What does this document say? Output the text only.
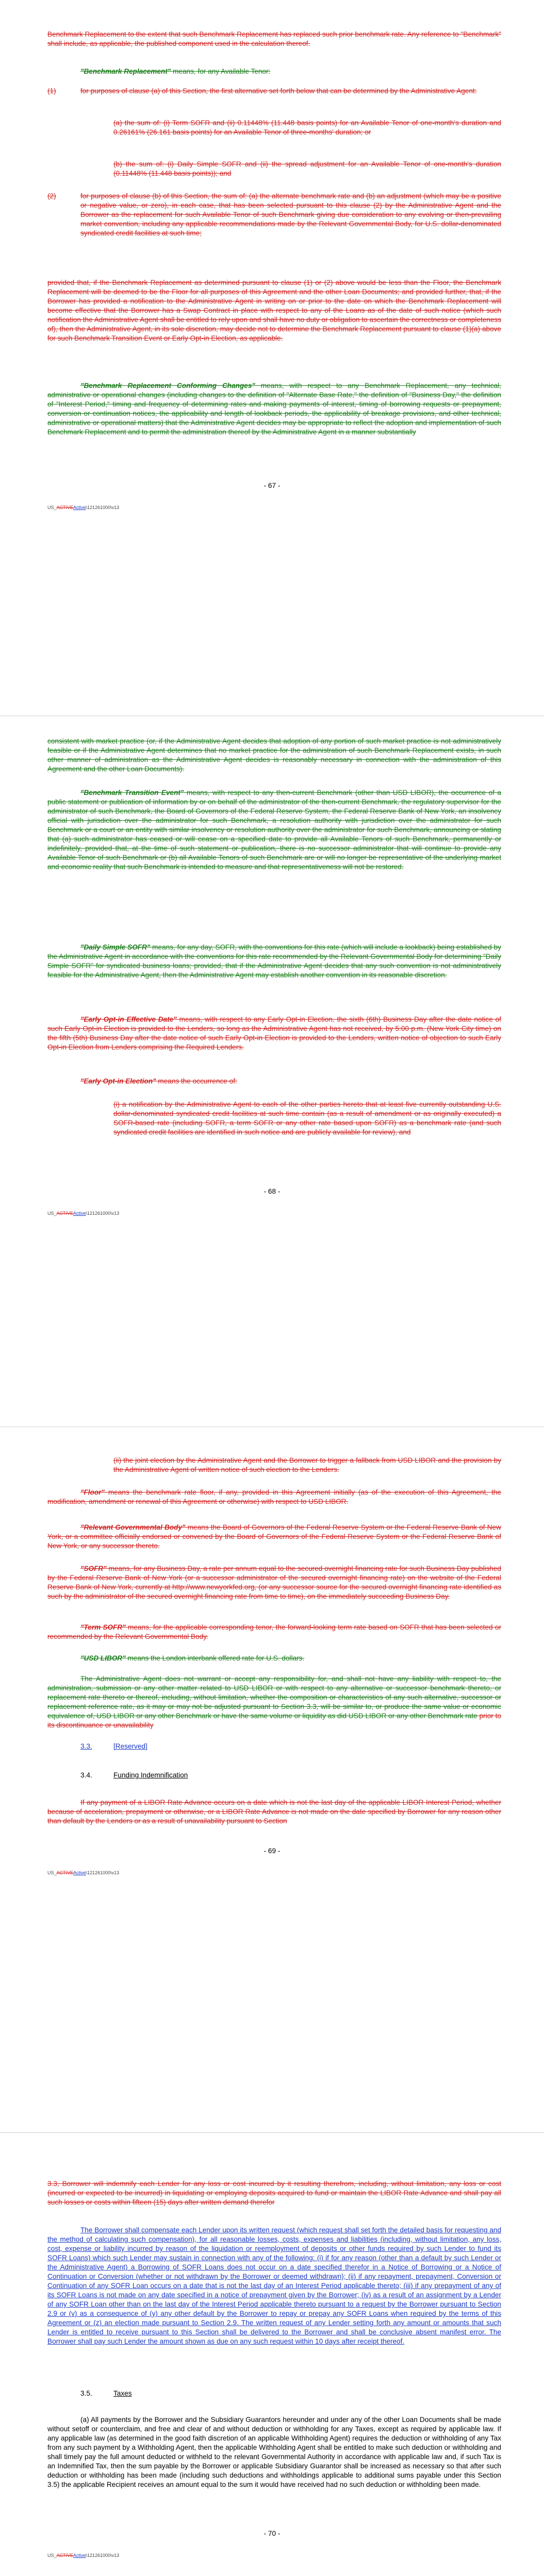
Benchmark Replacement to the extent that such Benchmark Replacement has replaced such prior benchmark rate. Any reference to "Benchmark" shall include, as applicable, the published component used in the calculation thereof.
"Benchmark Replacement" means, for any Available Tenor:
(1)	for purposes of clause (a) of this Section, the first alternative set forth below that can be determined by the Administrative Agent:
(a) the sum of: (i) Term SOFR and (ii) 0.11448% (11.448 basis points) for an Available Tenor of one-month's duration and 0.26161% (26.161 basis points) for an Available Tenor of three-months' duration; or
(b) the sum of: (i) Daily Simple SOFR and (ii) the spread adjustment for an Available Tenor of one-month's duration (0.11448% (11.448 basis points)); and
(2)	for purposes of clause (b) of this Section, the sum of: (a) the alternate benchmark rate and (b) an adjustment (which may be a positive or negative value, or zero), in each case, that has been selected pursuant to this clause (2) by the Administrative Agent and the Borrower as the replacement for such Available Tenor of such Benchmark giving due consideration to any evolving or then-prevailing market convention, including any applicable recommendations made by the Relevant Governmental Body, for U.S. dollar-denominated syndicated credit facilities at such time;
provided that, if the Benchmark Replacement as determined pursuant to clause (1) or (2) above would be less than the Floor, the Benchmark Replacement will be deemed to be the Floor for all purposes of this Agreement and the other Loan Documents; and provided further, that, if the Borrower has provided a notification to the Administrative Agent in writing on or prior to the date on which the Benchmark Replacement will become effective that the Borrower has a Swap Contract in place with respect to any of the Loans as of the date of such notice (which such notification the Administrative Agent shall be entitled to rely upon and shall have no duty or obligation to ascertain the correctness or completeness of), then the Administrative Agent, in its sole discretion, may decide not to determine the Benchmark Replacement pursuant to clause (1)(a) above for such Benchmark Transition Event or Early Opt-in Election, as applicable.
"Benchmark Replacement Conforming Changes" means, with respect to any Benchmark Replacement, any technical, administrative or operational changes (including changes to the definition of "Alternate Base Rate," the definition of "Business Day," the definition of "Interest Period," timing and frequency of determining rates and making payments of interest, timing of borrowing requests or prepayment, conversion or continuation notices, the applicability and length of lookback periods, the applicability of breakage provisions, and other technical, administrative or operational matters) that the Administrative Agent decides may be appropriate to reflect the adoption and implementation of such Benchmark Replacement and to permit the administration thereof by the Administrative Agent in a manner substantially
- 67 -
US_ACTIVEActive\121261000\v13
consistent with market practice (or, if the Administrative Agent decides that adoption of any portion of such market practice is not administratively feasible or if the Administrative Agent determines that no market practice for the administration of such Benchmark Replacement exists, in such other manner of administration as the Administrative Agent decides is reasonably necessary in connection with the administration of this Agreement and the other Loan Documents).
"Benchmark Transition Event" means, with respect to any then-current Benchmark (other than USD LIBOR), the occurrence of a public statement or publication of information by or on behalf of the administrator of the then-current Benchmark, the regulatory supervisor for the administrator of such Benchmark, the Board of Governors of the Federal Reserve System, the Federal Reserve Bank of New York, an insolvency official with jurisdiction over the administrator for such Benchmark, a resolution authority with jurisdiction over the administrator for such Benchmark or a court or an entity with similar insolvency or resolution authority over the administrator for such Benchmark, announcing or stating that (a) such administrator has ceased or will cease on a specified date to provide all Available Tenors of such Benchmark, permanently or indefinitely, provided that, at the time of such statement or publication, there is no successor administrator that will continue to provide any Available Tenor of such Benchmark or (b) all Available Tenors of such Benchmark are or will no longer be representative of the underlying market and economic reality that such Benchmark is intended to measure and that representativeness will not be restored.
"Daily Simple SOFR" means, for any day, SOFR, with the conventions for this rate (which will include a lookback) being established by the Administrative Agent in accordance with the conventions for this rate recommended by the Relevant Governmental Body for determining "Daily Simple SOFR" for syndicated business loans; provided, that if the Administrative Agent decides that any such convention is not administratively feasible for the Administrative Agent, then the Administrative Agent may establish another convention in its reasonable discretion.
"Early Opt-in Effective Date" means, with respect to any Early Opt-in Election, the sixth (6th) Business Day after the date notice of such Early Opt-in Election is provided to the Lenders, so long as the Administrative Agent has not received, by 5:00 p.m. (New York City time) on the fifth (5th) Business Day after the date notice of such Early Opt-in Election is provided to the Lenders, written notice of objection to such Early Opt-in Election from Lenders comprising the Required Lenders.
"Early Opt-in Election" means the occurrence of:
(i) a notification by the Administrative Agent to each of the other parties hereto that at least five currently outstanding U.S. dollar-denominated syndicated credit facilities at such time contain (as a result of amendment or as originally executed) a SOFR-based rate (including SOFR, a term SOFR or any other rate based upon SOFR) as a benchmark rate (and such syndicated credit facilities are identified in such notice and are publicly available for review), and
- 68 -
US_ACTIVEActive\121261000\v13
(ii) the joint election by the Administrative Agent and the Borrower to trigger a fallback from USD LIBOR and the provision by the Administrative Agent of written notice of such election to the Lenders.
"Floor" means the benchmark rate floor, if any, provided in this Agreement initially (as of the execution of this Agreement, the modification, amendment or renewal of this Agreement or otherwise) with respect to USD LIBOR.
"Relevant Governmental Body" means the Board of Governors of the Federal Reserve System or the Federal Reserve Bank of New York, or a committee officially endorsed or convened by the Board of Governors of the Federal Reserve System or the Federal Reserve Bank of New York, or any successor thereto.
"SOFR" means, for any Business Day, a rate per annum equal to the secured overnight financing rate for such Business Day published by the Federal Reserve Bank of New York (or a successor administrator of the secured overnight financing rate) on the website of the Federal Reserve Bank of New York, currently at http://www.newyorkfed.org, (or any successor source for the secured overnight financing rate identified as such by the administrator of the secured overnight financing rate from time to time), on the immediately succeeding Business Day.
"Term SOFR" means, for the applicable corresponding tenor, the forward-looking term rate based on SOFR that has been selected or recommended by the Relevant Governmental Body.
"USD LIBOR" means the London interbank offered rate for U.S. dollars.
The Administrative Agent does not warrant or accept any responsibility for, and shall not have any liability with respect to, the administration, submission or any other matter related to USD LIBOR or with respect to any alternative or successor benchmark thereto, or replacement rate thereto or thereof, including, without limitation, whether the composition or characteristics of any such alternative, successor or replacement reference rate, as it may or may not be adjusted pursuant to Section 3.3, will be similar to, or produce the same value or economic equivalence of, USD LIBOR or any other Benchmark or have the same volume or liquidity as did USD LIBOR or any other Benchmark rate prior to its discontinuance or unavailability
3.3.	[Reserved]
3.4.	Funding Indemnification
If any payment of a LIBOR Rate Advance occurs on a date which is not the last day of the applicable LIBOR Interest Period, whether because of acceleration, prepayment or otherwise, or a LIBOR Rate Advance is not made on the date specified by Borrower for any reason other than default by the Lenders or as a result of unavailability pursuant to Section
- 69 -
US_ACTIVEActive\121261000\v13
3.3, Borrower will indemnify each Lender for any loss or cost incurred by it resulting therefrom, including, without limitation, any loss or cost (incurred or expected to be incurred) in liquidating or employing deposits acquired to fund or maintain the LIBOR Rate Advance and shall pay all such losses or costs within fifteen (15) days after written demand therefor
The Borrower shall compensate each Lender upon its written request (which request shall set forth the detailed basis for requesting and the method of calculating such compensation), for all reasonable losses, costs, expenses and liabilities (including, without limitation, any loss, cost, expense or liability incurred by reason of the liquidation or reemployment of deposits or other funds required by such Lender to fund its SOFR Loans) which such Lender may sustain in connection with any of the following: (i) if for any reason (other than a default by such Lender or the Administrative Agent) a Borrowing of SOFR Loans does not occur on a date specified therefor in a Notice of Borrowing or a Notice of Continuation or Conversion (whether or not withdrawn by the Borrower or deemed withdrawn); (ii) if any repayment, prepayment, Conversion or Continuation of any SOFR Loan occurs on a date that is not the last day of an Interest Period applicable thereto; (iii) if any prepayment of any of its SOFR Loans is not made on any date specified in a notice of prepayment given by the Borrower; (iv) as a result of an assignment by a Lender of any SOFR Loan other than on the last day of the Interest Period applicable thereto pursuant to a request by the Borrower pursuant to Section 2.9 or (v) as a consequence of (y) any other default by the Borrower to repay or prepay any SOFR Loans when required by the terms of this Agreement or (z) an election made pursuant to Section 2.9. The written request of any Lender setting forth any amount or amounts that such Lender is entitled to receive pursuant to this Section shall be delivered to the Borrower and shall be conclusive absent manifest error. The Borrower shall pay such Lender the amount shown as due on any such request within 10 days after receipt thereof.
3.5.	Taxes
(a) All payments by the Borrower and the Subsidiary Guarantors hereunder and under any of the other Loan Documents shall be made without setoff or counterclaim, and free and clear of and without deduction or withholding for any Taxes, except as required by applicable law. If any applicable law (as determined in the good faith discretion of an applicable Withholding Agent) requires the deduction or withholding of any Tax from any such payment by a Withholding Agent, then the applicable Withholding Agent shall be entitled to make such deduction or withholding and shall timely pay the full amount deducted or withheld to the relevant Governmental Authority in accordance with applicable law and, if such Tax is an Indemnified Tax, then the sum payable by the Borrower or applicable Subsidiary Guarantor shall be increased as necessary so that after such deduction or withholding has been made (including such deductions and withholdings applicable to additional sums payable under this Section 3.5) the applicable Recipient receives an amount equal to the sum it would have received had no such deduction or withholding been made.
- 70 -
US_ACTIVEActive\121261000\v13
